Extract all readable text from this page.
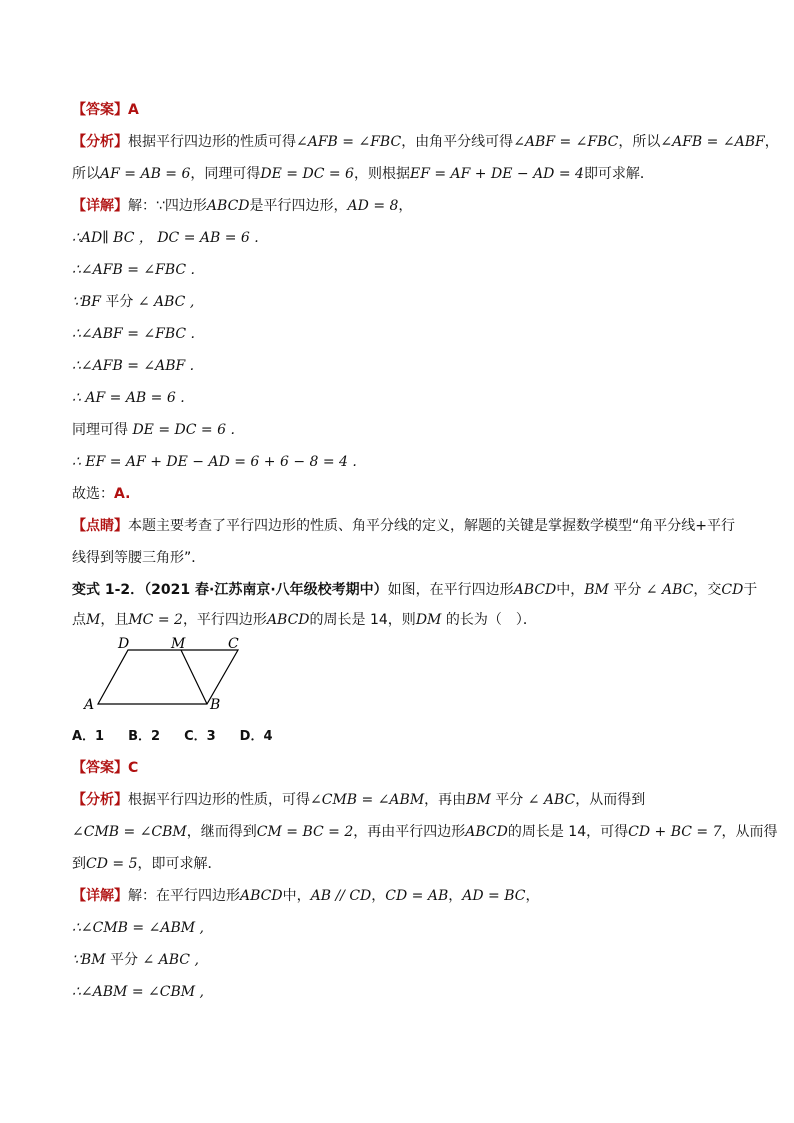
【答案】A
【分析】根据平行四边形的性质可得∠AFB = ∠FBC，由角平分线可得∠ABF = ∠FBC，所以∠AFB = ∠ABF，
所以AF = AB = 6，同理可得DE = DC = 6，则根据EF = AF + DE − AD = 4即可求解．
【详解】解：∵四边形ABCD是平行四边形，AD = 8，
∴AD∥ BC ， DC = AB = 6 .
∴∠AFB = ∠FBC .
∵BF 平分 ∠ ABC ,
∴∠ABF = ∠FBC .
∴∠AFB = ∠ABF .
∴ AF = AB = 6 .
同理可得 DE = DC = 6 .
∴ EF = AF + DE − AD = 6 + 6 − 8 = 4 .
故选：A.
【点睛】本题主要考查了平行四边形的性质、角平分线的定义，解题的关键是掌握数学模型“角平分线+平行
线得到等腰三角形”．
变式 1-2．（2021 春·江苏南京·八年级校考期中）如图，在平行四边形ABCD中，BM 平分 ∠ ABC，交CD于
点M，且MC = 2，平行四边形ABCD的周长是 14，则DM 的长为（　）．
A	B
C
D	M
A．1 B．2 C．3 D．4
【答案】C
【分析】根据平行四边形的性质，可得∠CMB = ∠ABM，再由BM 平分 ∠ ABC，从而得到
∠CMB = ∠CBM，继而得到CM = BC = 2，再由平行四边形ABCD的周长是 14，可得CD + BC = 7，从而得
到CD = 5，即可求解．
【详解】解：在平行四边形ABCD中，AB // CD，CD = AB，AD = BC，
∴∠CMB = ∠ABM ,
∵BM 平分 ∠ ABC ,
∴∠ABM = ∠CBM ,
